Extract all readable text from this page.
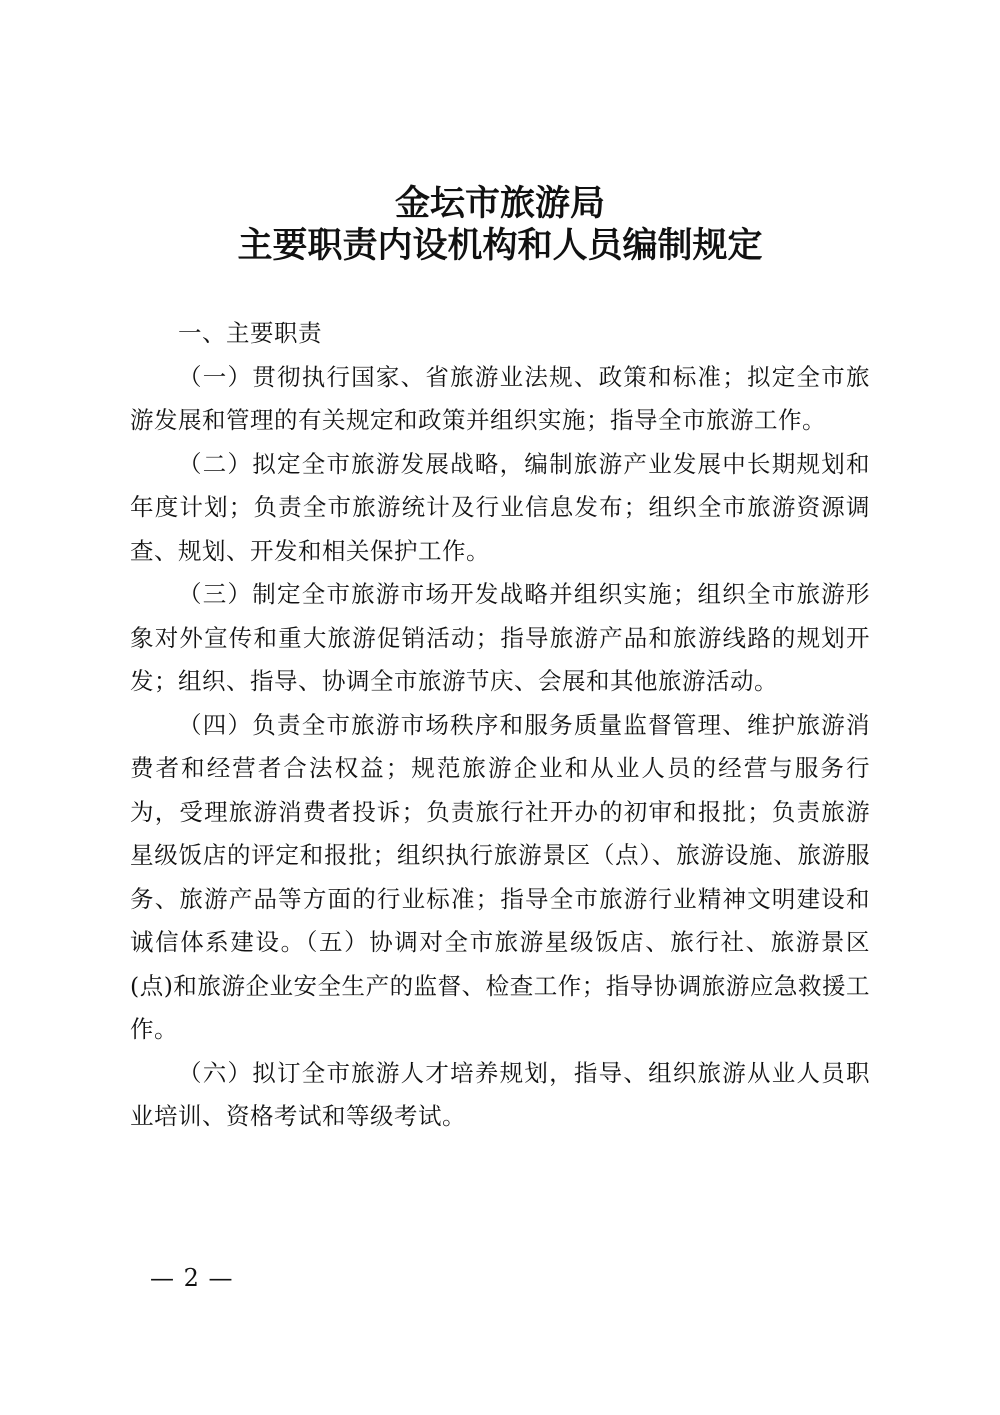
金坛市旅游局
主要职责内设机构和人员编制规定

一、主要职责

（一）贯彻执行国家、省旅游业法规、政策和标准；拟定全市旅游发展和管理的有关规定和政策并组织实施；指导全市旅游工作。

（二）拟定全市旅游发展战略，编制旅游产业发展中长期规划和年度计划；负责全市旅游统计及行业信息发布；组织全市旅游资源调查、规划、开发和相关保护工作。

（三）制定全市旅游市场开发战略并组织实施；组织全市旅游形象对外宣传和重大旅游促销活动；指导旅游产品和旅游线路的规划开发；组织、指导、协调全市旅游节庆、会展和其他旅游活动。

（四）负责全市旅游市场秩序和服务质量监督管理、维护旅游消费者和经营者合法权益；规范旅游企业和从业人员的经营与服务行为，受理旅游消费者投诉；负责旅行社开办的初审和报批；负责旅游星级饭店的评定和报批；组织执行旅游景区（点）、旅游设施、旅游服务、旅游产品等方面的行业标准；指导全市旅游行业精神文明建设和诚信体系建设。（五）协调对全市旅游星级饭店、旅行社、旅游景区(点)和旅游企业安全生产的监督、检查工作；指导协调旅游应急救援工作。

（六）拟订全市旅游人才培养规划，指导、组织旅游从业人员职业培训、资格考试和等级考试。

— 2 —
